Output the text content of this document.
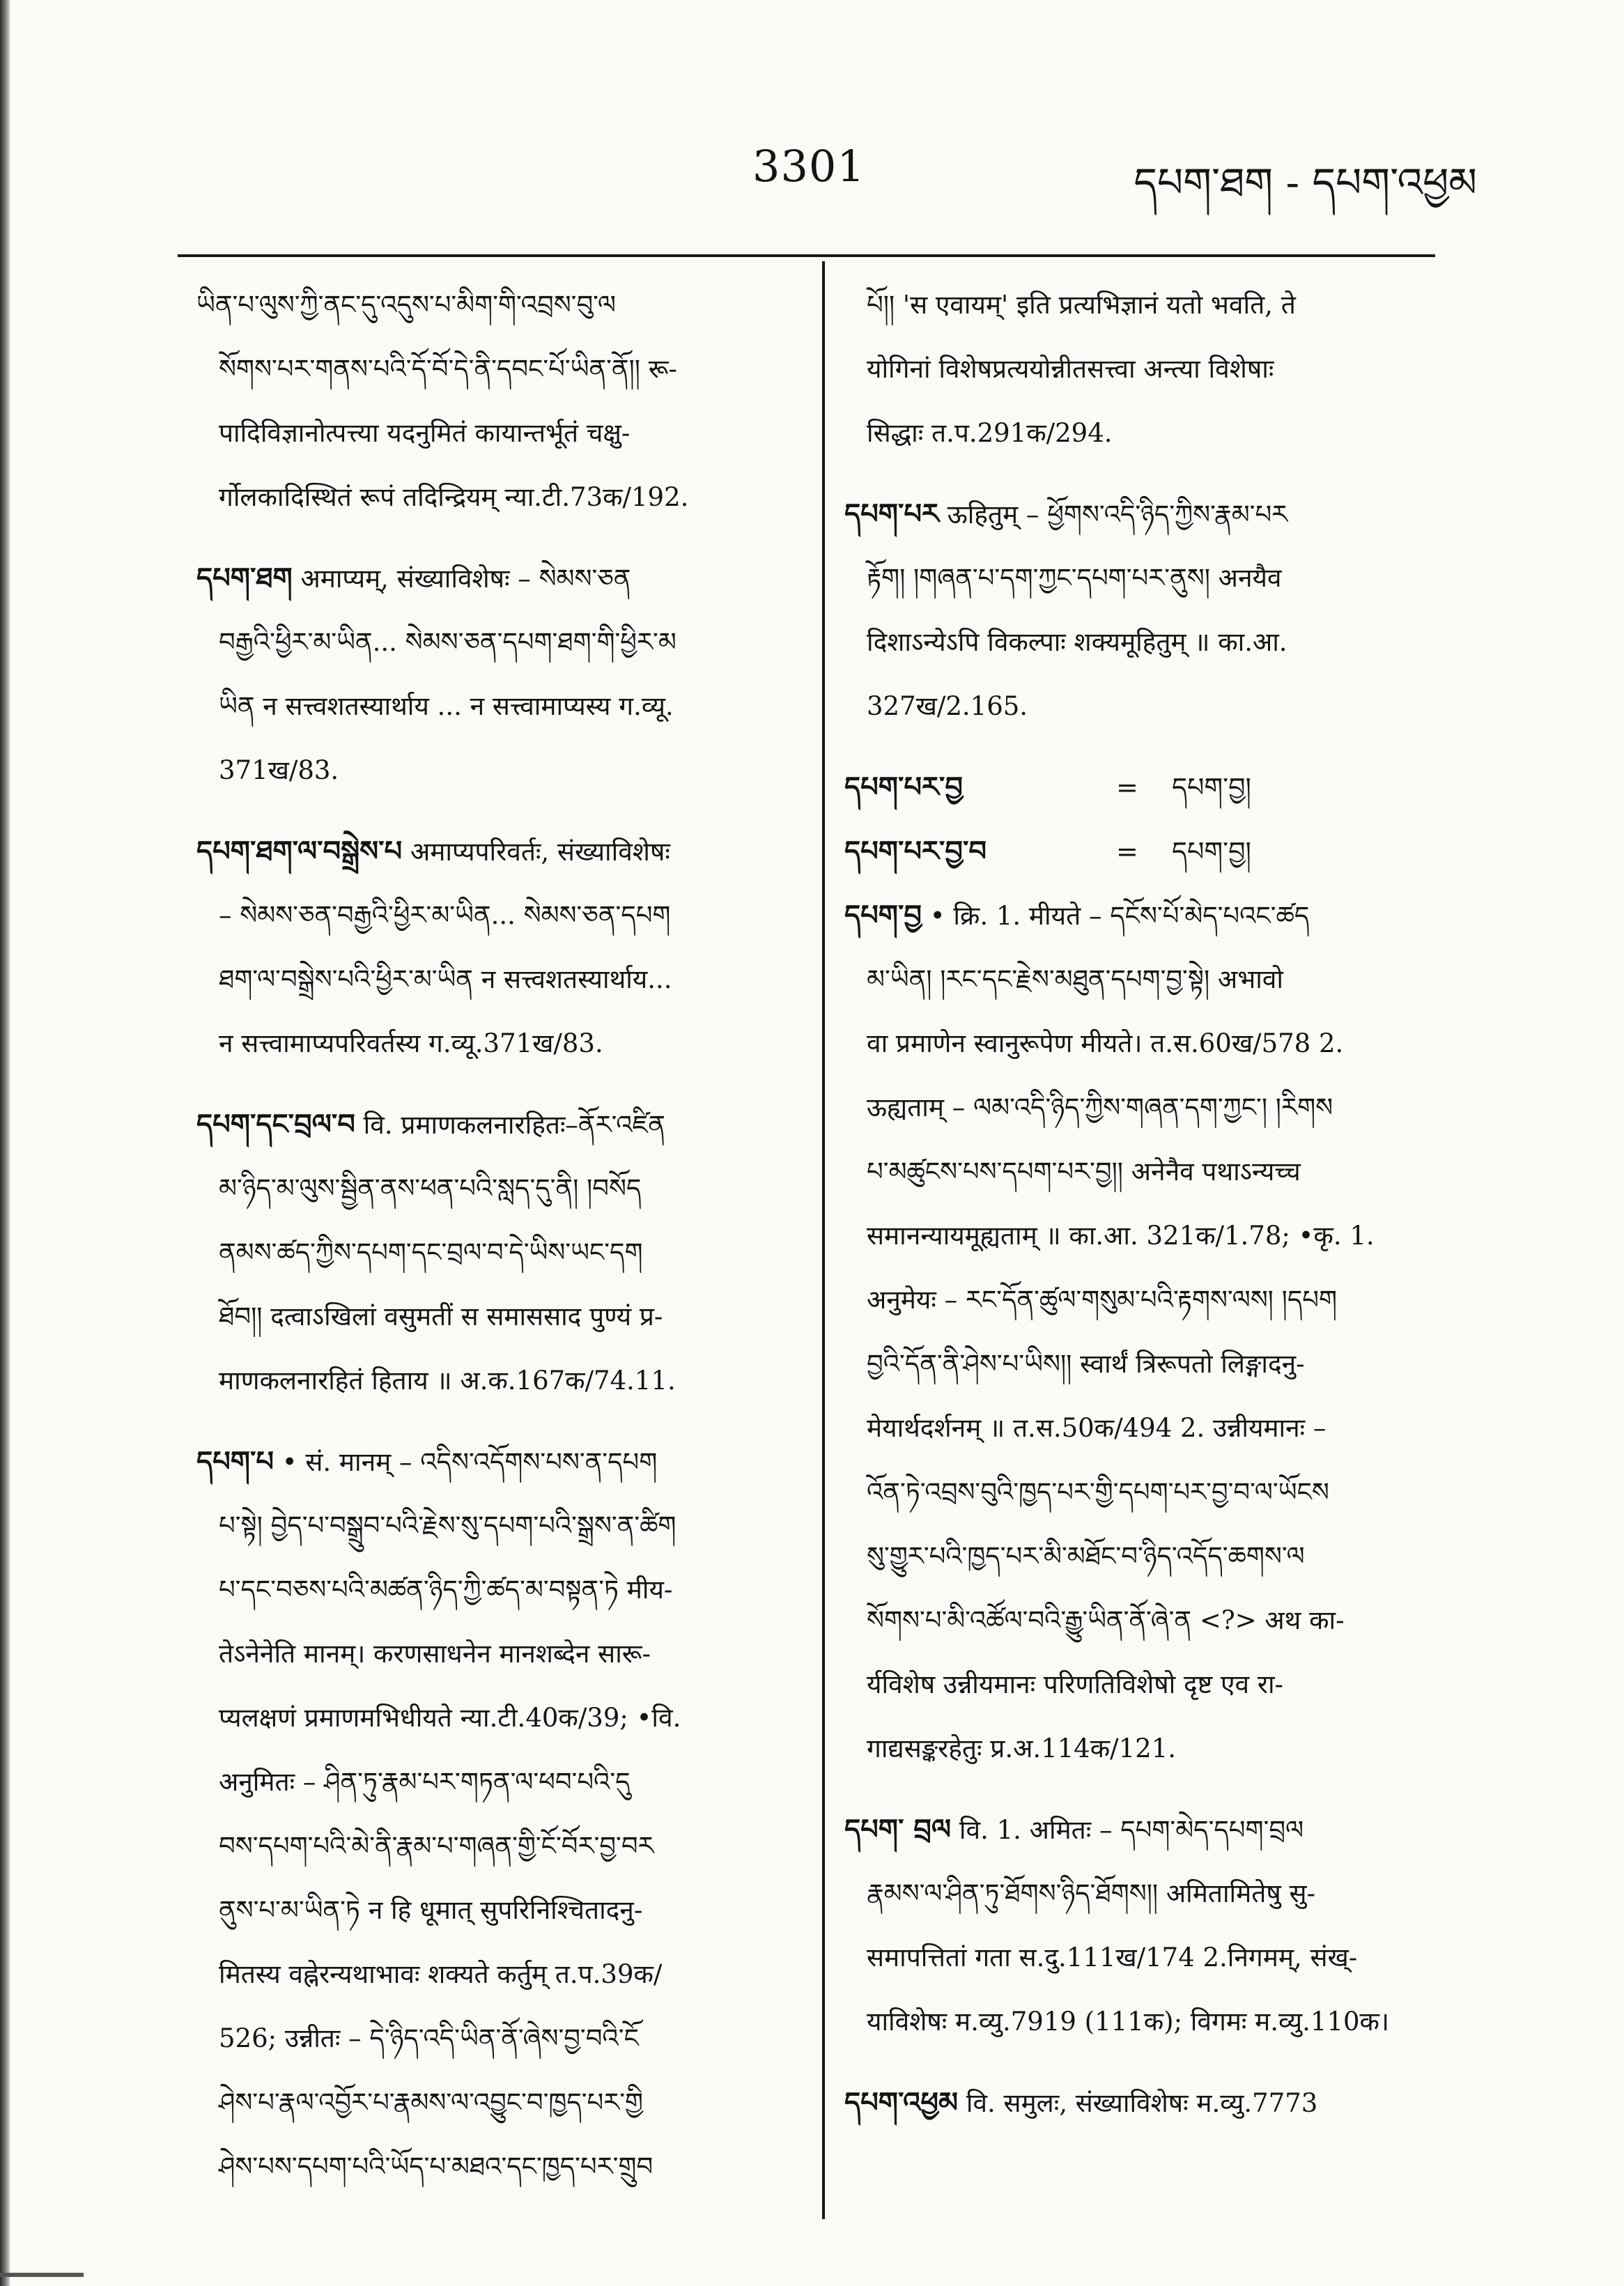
3301	དཔག་ཐག - དཔག་འཕྱམ
ཡིན་པ་ལུས་ཀྱི་ནང་དུ་འདུས་པ་མིག་གི་འབྲས་བུ་ལ
སོགས་པར་གནས་པའི་དོ་བོ་དེ་ནི་དབང་པོ་ཡིན་ནོ།། रू-
पादिविज्ञानोत्पत्त्या यदनुमितं कायान्तर्भूतं चक्षु-
र्गोलकादिस्थितं रूपं तदिन्द्रियम् न्या.टी.73क/192.
དཔག་ཐག अमाप्यम्, संख्याविशेषः – སེམས་ཅན
བརྒྱའི་ཕྱིར་མ་ཡིན... སེམས་ཅན་དཔག་ཐག་གི་ཕྱིར་མ
ཡིན न सत्त्वशतस्यार्थाय ... न सत्त्वामाप्यस्य ग.व्यू.
371ख/83.
དཔག་ཐག་ལ་བསྒྲེས་པ अमाप्यपरिवर्तः, संख्याविशेषः
– སེམས་ཅན་བརྒྱའི་ཕྱིར་མ་ཡིན... སེམས་ཅན་དཔག
ཐག་ལ་བསྒྲེས་པའི་ཕྱིར་མ་ཡིན न सत्त्वशतस्यार्थाय...
न सत्त्वामाप्यपरिवर्तस्य ग.व्यू.371ख/83.
དཔག་དང་བྲལ་བ वि. प्रमाणकलनारहितः–ནོར་འཛིན
མ་ཉིད་མ་ལུས་སྦྱིན་ནས་ཕན་པའི་སླད་དུ་ནི། །བསོད
ནམས་ཚད་ཀྱིས་དཔག་དང་བྲལ་བ་དེ་ཡིས་ཡང་དག
ཐོབ།། दत्वाऽखिलां वसुमतीं स समाससाद पुण्यं प्र-
माणकलनारहितं हिताय ॥ अ.क.167क/74.11.
དཔག་པ • सं. मानम् – འདིས་འདོགས་པས་ན་དཔག
པ་སྟེ། བྱེད་པ་བསྒྲུབ་པའི་རྗེས་སུ་དཔག་པའི་སྒྲས་ན་ཚིག
པ་དང་བཅས་པའི་མཚན་ཉིད་ཀྱི་ཚད་མ་བསྟན་ཏེ मीय-
तेऽनेनेति मानम्। करणसाधनेन मानशब्देन सारू-
प्यलक्षणं प्रमाणमभिधीयते न्या.टी.40क/39; •वि.
अनुमितः – ཤིན་ཏུ་རྣམ་པར་གཏན་ལ་ཕབ་པའི་དུ
བས་དཔག་པའི་མེ་ནི་རྣམ་པ་གཞན་གྱི་ངོ་བོར་བྱ་བར
ནུས་པ་མ་ཡིན་ཏེ न हि धूमात् सुपरिनिश्चितादनु-
मितस्य वह्नेरन्यथाभावः शक्यते कर्तुम् त.प.39क/
526; उन्नीतः – དེ་ཉིད་འདི་ཡིན་ནོ་ཞེས་བྱ་བའི་ངོ
ཤེས་པ་རྣལ་འབྱོར་པ་རྣམས་ལ་འབྱུང་བ་ཁྱད་པར་གྱི
ཤེས་པས་དཔག་པའི་ཡོད་པ་མཐའ་དང་ཁྱད་པར་གྲུབ
པོ།། 'स एवायम्' इति प्रत्यभिज्ञानं यतो भवति, ते
योगिनां विशेषप्रत्ययोन्नीतसत्त्वा अन्त्या विशेषाः
सिद्धाः त.प.291क/294.
དཔག་པར ऊहितुम् – ཕྱོགས་འདི་ཉིད་ཀྱིས་རྣམ་པར
རྟོག། །གཞན་པ་དག་ཀྱང་དཔག་པར་ནུས། अनयैव
दिशाऽन्येऽपि विकल्पाः शक्यमूहितुम् ॥ का.आ.
327ख/2.165.
དཔག་པར་བྱ	= དཔག་བྱ།
དཔག་པར་བྱ་བ	= དཔག་བྱ།
དཔག་བྱ • क्रि. 1. मीयते – དངོས་པོ་མེད་པའང་ཚད
མ་ཡིན། །རང་དང་རྗེས་མཐུན་དཔག་བྱ་སྟེ། अभावो
वा प्रमाणेन स्वानुरूपेण मीयते। त.स.60ख/578 2.
ऊह्यताम् – ལམ་འདི་ཉིད་ཀྱིས་གཞན་དག་ཀྱང་། །རིགས
པ་མཚུངས་པས་དཔག་པར་བྱ།། अनेनैव पथाऽन्यच्च
समानन्यायमूह्यताम् ॥ का.आ. 321क/1.78; •कृ. 1.
अनुमेयः – རང་དོན་ཚུལ་གསུམ་པའི་རྟགས་ལས། །དཔག
བྱའི་དོན་ནི་ཤེས་པ་ཡིས།། स्वार्थं त्रिरूपतो लिङ्गादनु-
मेयार्थदर्शनम् ॥ त.स.50क/494 2. उन्नीयमानः –
འོན་ཏེ་འབྲས་བུའི་ཁྱད་པར་གྱི་དཔག་པར་བྱ་བ་ལ་ཡོངས
སུ་གྱུར་པའི་ཁྱད་པར་མི་མཐོང་བ་ཉིད་འདོད་ཆགས་ལ
སོགས་པ་མི་འཚོལ་བའི་རྒྱུ་ཡིན་ནོ་ཞེ་ན <?> अथ का-
र्यविशेष उन्नीयमानः परिणतिविशेषो दृष्ट एव रा-
गाद्यसङ्करहेतुः प्र.अ.114क/121.
དཔག་ བྲལ वि. 1. अमितः – དཔག་མེད་དཔག་བྲལ
རྣམས་ལ་ཤིན་ཏུ་ཐོགས་ཉིད་ཐོགས།། अमितामितेषु सु-
समापत्तितां गता स.दु.111ख/174 2.निगमम्, संख्-
याविशेषः म.व्यु.7919 (111क); विगमः म.व्यु.110क।
དཔག་འཕྱམ वि. समुलः, संख्याविशेषः म.व्यु.7773
